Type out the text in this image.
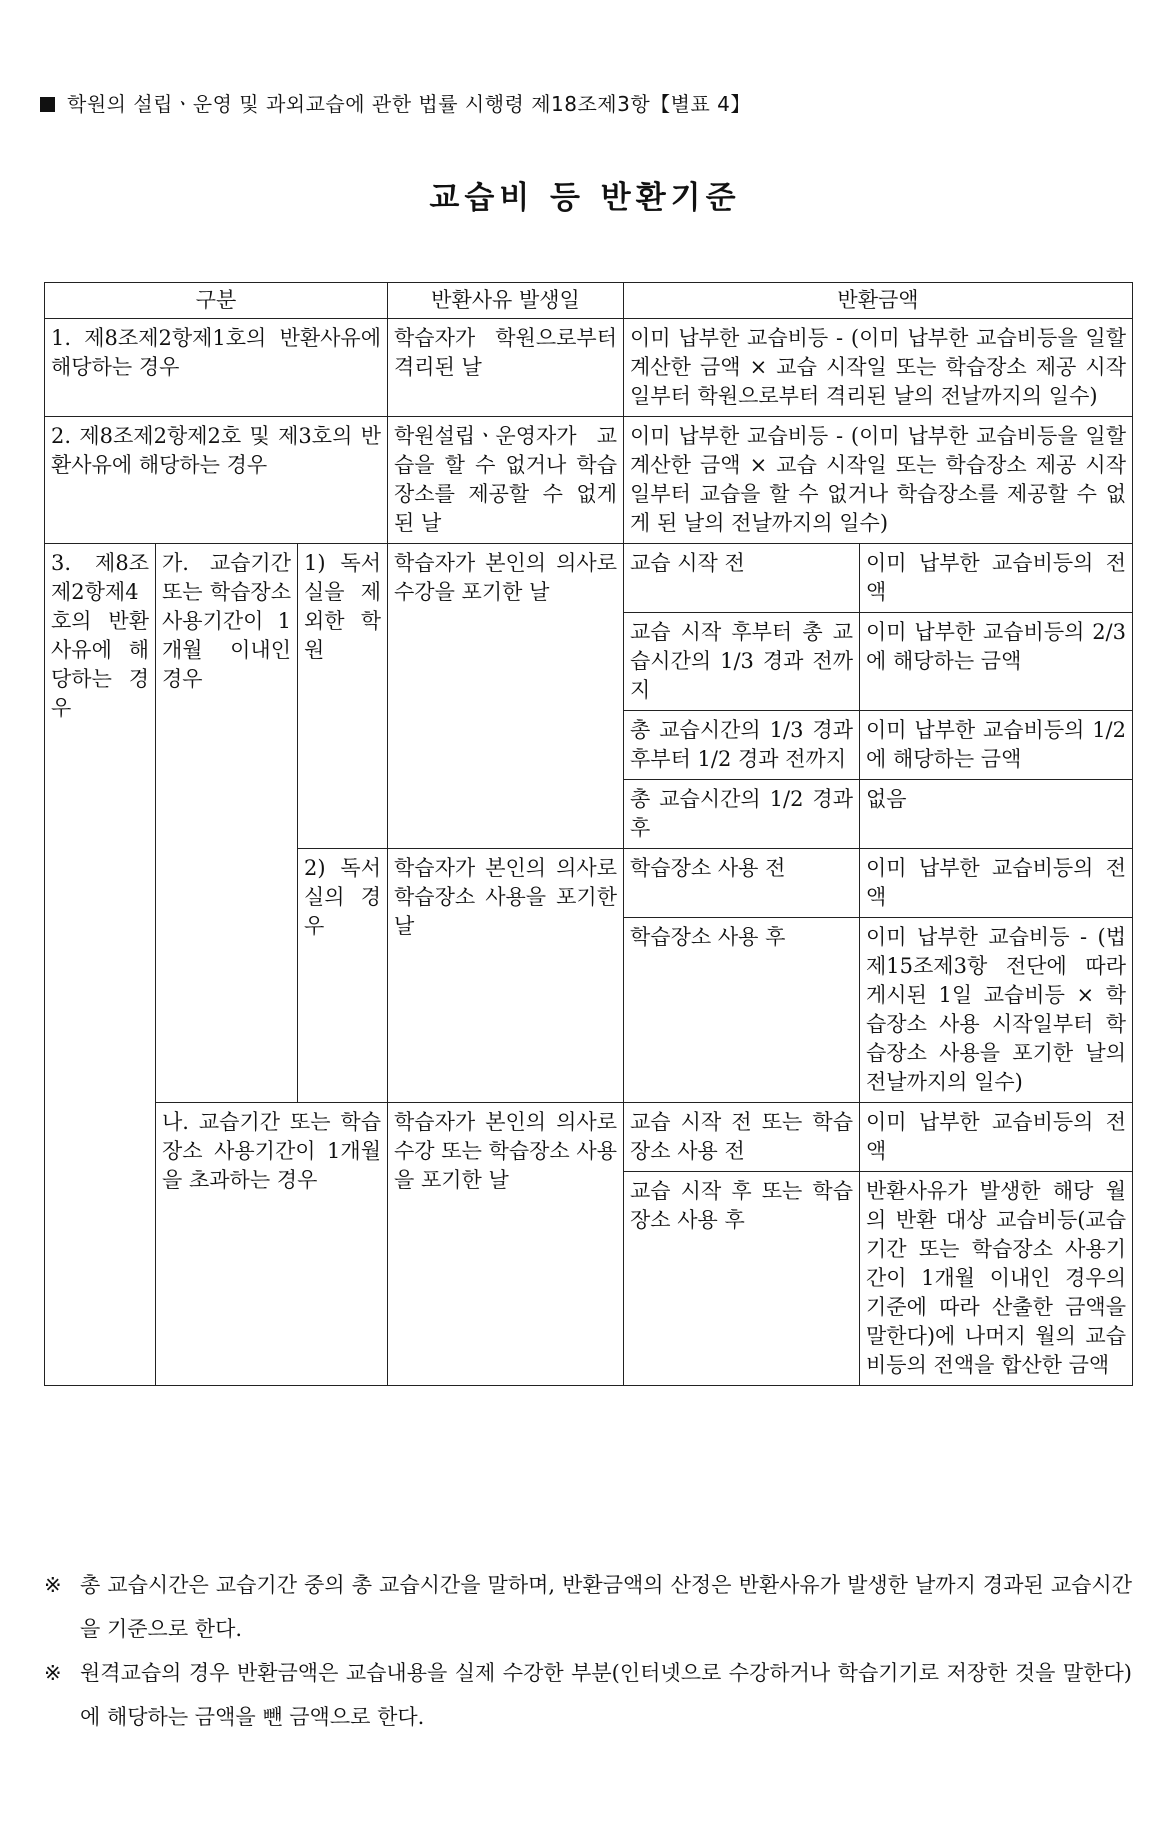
학원의 설립ㆍ운영 및 과외교습에 관한 법률 시행령 제18조제3항【별표 4】
교습비 등 반환기준
구분			반환사유 발생일	반환금액	
1. 제8조제2항제1호의 반환사유에 해당하는 경우			학습자가 학원으로부터 격리된 날	이미 납부한 교습비등 - (이미 납부한 교습비등을 일할계산한 금액 × 교습 시작일 또는 학습장소 제공 시작일부터 학원으로부터 격리된 날의 전날까지의 일수)	
2. 제8조제2항제2호 및 제3호의 반환사유에 해당하는 경우			학원설립ㆍ운영자가 교습을 할 수 없거나 학습장소를 제공할 수 없게 된 날	이미 납부한 교습비등 - (이미 납부한 교습비등을 일할계산한 금액 × 교습 시작일 또는 학습장소 제공 시작일부터 교습을 할 수 없거나 학습장소를 제공할 수 없게 된 날의 전날까지의 일수)	
3. 제8조제2항제4호의 반환사유에 해당하는 경우	가. 교습기간 또는 학습장소 사용기간이 1개월 이내인 경우	1) 독서실을 제외한 학원	학습자가 본인의 의사로 수강을 포기한 날	교습 시작 전	이미 납부한 교습비등의 전액
				교습 시작 후부터 총 교습시간의 1/3 경과 전까지	이미 납부한 교습비등의 2/3에 해당하는 금액
				총 교습시간의 1/3 경과 후부터 1/2 경과 전까지	이미 납부한 교습비등의 1/2에 해당하는 금액
				총 교습시간의 1/2 경과 후	없음
		2) 독서실의 경우	학습자가 본인의 의사로 학습장소 사용을 포기한 날	학습장소 사용 전	이미 납부한 교습비등의 전액
				학습장소 사용 후	이미 납부한 교습비등 - (법 제15조제3항 전단에 따라 게시된 1일 교습비등 × 학습장소 사용 시작일부터 학습장소 사용을 포기한 날의 전날까지의 일수)
	나. 교습기간 또는 학습장소 사용기간이 1개월을 초과하는 경우		학습자가 본인의 의사로 수강 또는 학습장소 사용을 포기한 날	교습 시작 전 또는 학습장소 사용 전	이미 납부한 교습비등의 전액
				교습 시작 후 또는 학습장소 사용 후	반환사유가 발생한 해당 월의 반환 대상 교습비등(교습기간 또는 학습장소 사용기간이 1개월 이내인 경우의 기준에 따라 산출한 금액을 말한다)에 나머지 월의 교습비등의 전액을 합산한 금액
※ 총 교습시간은 교습기간 중의 총 교습시간을 말하며, 반환금액의 산정은 반환사유가 발생한 날까지 경과된 교습시간을 기준으로 한다.
※ 원격교습의 경우 반환금액은 교습내용을 실제 수강한 부분(인터넷으로 수강하거나 학습기기로 저장한 것을 말한다)에 해당하는 금액을 뺀 금액으로 한다.
